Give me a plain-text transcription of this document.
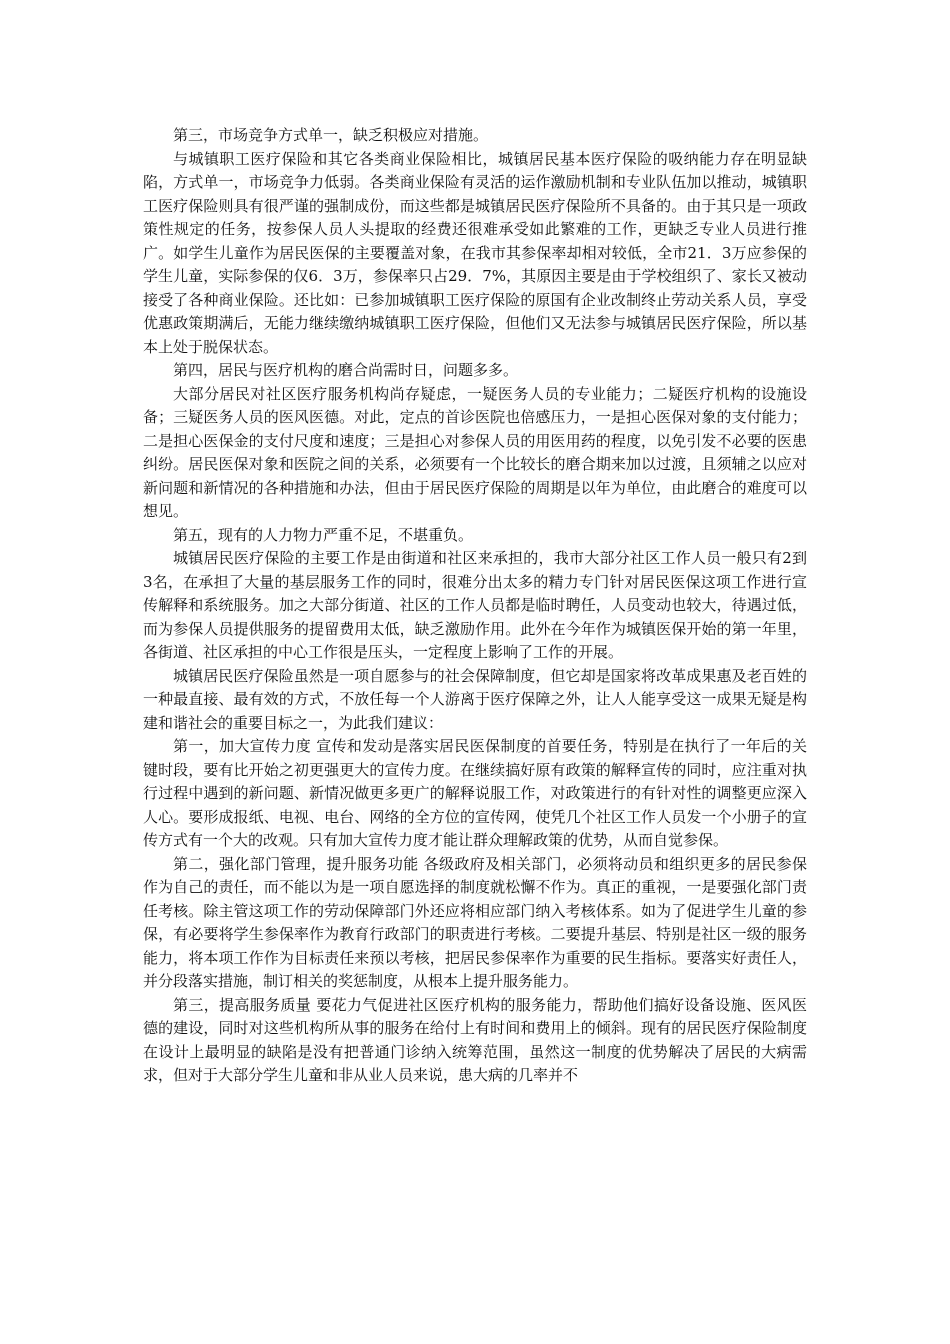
第三，市场竞争方式单一，缺乏积极应对措施。

与城镇职工医疗保险和其它各类商业保险相比，城镇居民基本医疗保险的吸纳能力存在明显缺陷，方式单一，市场竞争力低弱。各类商业保险有灵活的运作激励机制和专业队伍加以推动，城镇职工医疗保险则具有很严谨的强制成份，而这些都是城镇居民医疗保险所不具备的。由于其只是一项政策性规定的任务，按参保人员人头提取的经费还很难承受如此繁难的工作，更缺乏专业人员进行推广。如学生儿童作为居民医保的主要覆盖对象，在我市其参保率却相对较低，全市21．3万应参保的学生儿童，实际参保的仅6．3万，参保率只占29．7%，其原因主要是由于学校组织了、家长又被动接受了各种商业保险。还比如：已参加城镇职工医疗保险的原国有企业改制终止劳动关系人员，享受优惠政策期满后，无能力继续缴纳城镇职工医疗保险，但他们又无法参与城镇居民医疗保险，所以基本上处于脱保状态。

第四，居民与医疗机构的磨合尚需时日，问题多多。

大部分居民对社区医疗服务机构尚存疑虑，一疑医务人员的专业能力；二疑医疗机构的设施设备；三疑医务人员的医风医德。对此，定点的首诊医院也倍感压力，一是担心医保对象的支付能力；二是担心医保金的支付尺度和速度；三是担心对参保人员的用医用药的程度，以免引发不必要的医患纠纷。居民医保对象和医院之间的关系，必须要有一个比较长的磨合期来加以过渡，且须辅之以应对新问题和新情况的各种措施和办法，但由于居民医疗保险的周期是以年为单位，由此磨合的难度可以想见。

第五，现有的人力物力严重不足，不堪重负。

城镇居民医疗保险的主要工作是由街道和社区来承担的，我市大部分社区工作人员一般只有2到3名，在承担了大量的基层服务工作的同时，很难分出太多的精力专门针对居民医保这项工作进行宣传解释和系统服务。加之大部分街道、社区的工作人员都是临时聘任，人员变动也较大，待遇过低，而为参保人员提供服务的提留费用太低，缺乏激励作用。此外在今年作为城镇医保开始的第一年里，各街道、社区承担的中心工作很是压头，一定程度上影响了工作的开展。

城镇居民医疗保险虽然是一项自愿参与的社会保障制度，但它却是国家将改革成果惠及老百姓的一种最直接、最有效的方式，不放任每一个人游离于医疗保障之外，让人人能享受这一成果无疑是构建和谐社会的重要目标之一，为此我们建议：

第一，加大宣传力度 宣传和发动是落实居民医保制度的首要任务，特别是在执行了一年后的关键时段，要有比开始之初更强更大的宣传力度。在继续搞好原有政策的解释宣传的同时，应注重对执行过程中遇到的新问题、新情况做更多更广的解释说服工作，对政策进行的有针对性的调整更应深入人心。要形成报纸、电视、电台、网络的全方位的宣传网，使凭几个社区工作人员发一个小册子的宣传方式有一个大的改观。只有加大宣传力度才能让群众理解政策的优势，从而自觉参保。

第二，强化部门管理，提升服务功能 各级政府及相关部门，必须将动员和组织更多的居民参保作为自己的责任，而不能以为是一项自愿选择的制度就松懈不作为。真正的重视，一是要强化部门责任考核。除主管这项工作的劳动保障部门外还应将相应部门纳入考核体系。如为了促进学生儿童的参保，有必要将学生参保率作为教育行政部门的职责进行考核。二要提升基层、特别是社区一级的服务能力，将本项工作作为目标责任来预以考核，把居民参保率作为重要的民生指标。要落实好责任人，并分段落实措施，制订相关的奖惩制度，从根本上提升服务能力。

第三，提高服务质量 要花力气促进社区医疗机构的服务能力，帮助他们搞好设备设施、医风医德的建设，同时对这些机构所从事的服务在给付上有时间和费用上的倾斜。现有的居民医疗保险制度在设计上最明显的缺陷是没有把普通门诊纳入统筹范围，虽然这一制度的优势解决了居民的大病需求，但对于大部分学生儿童和非从业人员来说，患大病的几率并不
